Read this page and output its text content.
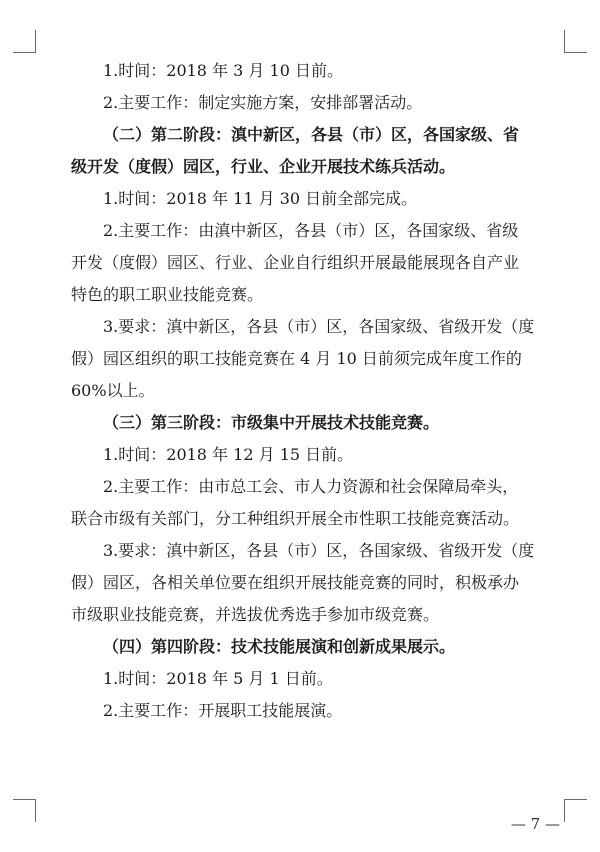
1.时间：2018 年 3 月 10 日前。
2.主要工作：制定实施方案，安排部署活动。
（二）第二阶段：滇中新区，各县（市）区，各国家级、省
级开发（度假）园区，行业、企业开展技术练兵活动。
1.时间：2018 年 11 月 30 日前全部完成。
2.主要工作：由滇中新区，各县（市）区，各国家级、省级
开发（度假）园区、行业、企业自行组织开展最能展现各自产业
特色的职工职业技能竞赛。
3.要求：滇中新区，各县（市）区，各国家级、省级开发（度
假）园区组织的职工技能竞赛在 4 月 10 日前须完成年度工作的
60%以上。
（三）第三阶段：市级集中开展技术技能竞赛。
1.时间：2018 年 12 月 15 日前。
2.主要工作：由市总工会、市人力资源和社会保障局牵头，
联合市级有关部门，分工种组织开展全市性职工技能竞赛活动。
3.要求：滇中新区，各县（市）区，各国家级、省级开发（度
假）园区，各相关单位要在组织开展技能竞赛的同时，积极承办
市级职业技能竞赛，并选拔优秀选手参加市级竞赛。
（四）第四阶段：技术技能展演和创新成果展示。
1.时间：2018 年 5 月 1 日前。
2.主要工作：开展职工技能展演。
— 7 —
